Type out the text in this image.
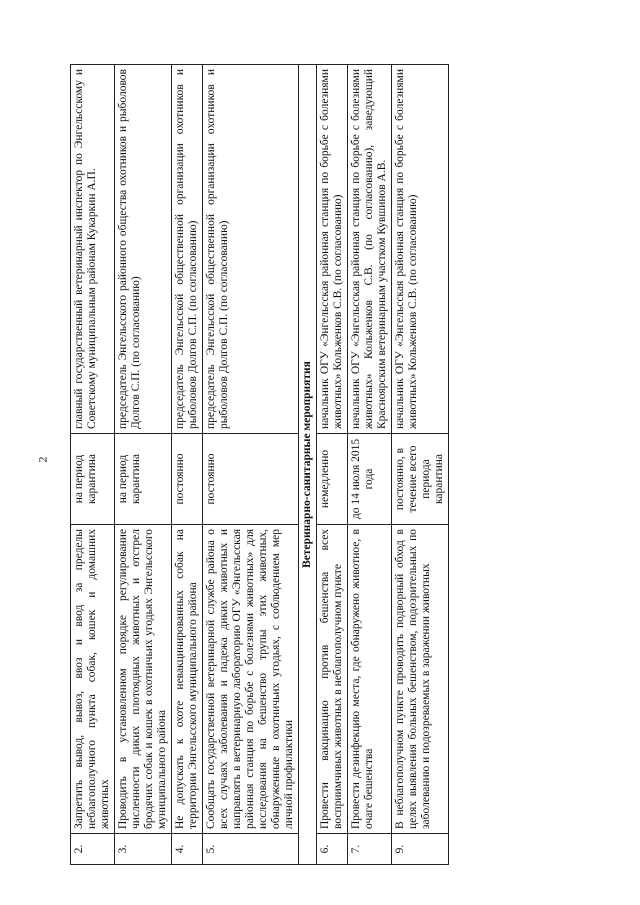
2
2.	Запретить вывод, вывоз, ввоз и ввод за пределы неблагополучного пункта собак, кошек и домашних животных	на период карантина	главный государственный ветеринарный инспектор по Энгельсскому и Советскому муниципальным районам Кукаркин А.П.
3.	Проводить в установленном порядке регулирование численности диких плотоядных животных и отстрел бродячих собак и кошек в охотничьих угодьях Энгельсского муниципального района	на период карантина	председатель Энгельсского районного общества охотников и рыболовов Долгов С.П. (по согласованию)
4.	Не допускать к охоте невакцинированных собак на территории Энгельсского муниципального района	постоянно	председатель Энгельсской общественной организации охотников и рыболовов Долгов С.П. (по согласованию)
5.	Сообщать государственной ветеринарной службе района о всех случаях заболевания и падежа диких животных и направлять в ветеринарную лабораторию ОГУ «Энгельсская районная станция по борьбе с болезнями животных» для исследования на бешенство трупы этих животных, обнаруженные в охотничьих угодьях, с соблюдением мер личной профилактики	постоянно	председатель Энгельсской общественной организации охотников и рыболовов Долгов С.П. (по согласованию)
Ветеринарно-санитарные мероприятия			
6.	Провести вакцинацию против бешенства всех восприимчивых животных в неблагополучном пункте	немедленно	начальник ОГУ «Энгельсская районная станция по борьбе с болезнями животных» Кольженков С.В. (по согласованию)
7.	Провести дезинфекцию места, где обнаружено животное, в очаге бешенства	до 14 июля 2015 года	начальник ОГУ «Энгельсская районная станция по борьбе с болезнями животных» Кольженков С.В. (по согласованию), заведующий Красноярским ветеринарным участком Кувшинов А.В.
9.	В неблагополучном пункте проводить подворный обход в целях выявления больных бешенством, подозрительных по заболеванию и подозреваемых в заражении животных	постоянно, в течение всего периода карантина	начальник ОГУ «Энгельсская районная станция по борьбе с болезнями животных» Кольженков С.В. (по согласованию)
